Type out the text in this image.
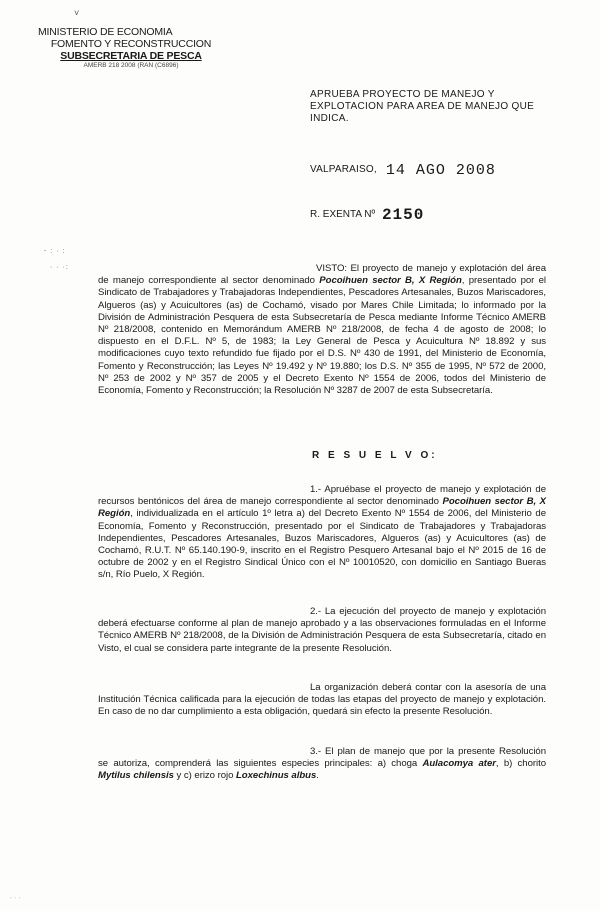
˅
MINISTERIO DE ECONOMIA
FOMENTO Y RECONSTRUCCION
SUBSECRETARIA DE PESCA
AMERB 218 2008 (RAN (C6896)
APRUEBA PROYECTO DE MANEJO Y EXPLOTACION PARA AREA DE MANEJO QUE INDICA.
VALPARAISO, 14 AGO 2008
R. EXENTA Nº 2150
- : · :
· · ·:	VISTO: El proyecto de manejo y explotación del área de manejo correspondiente al sector denominado Pocoihuen sector B, X Región, presentado por el Sindicato de Trabajadores y Trabajadoras Independientes, Pescadores Artesanales, Buzos Mariscadores, Algueros (as) y Acuicultores (as) de Cochamó, visado por Mares Chile Limitada; lo informado por la División de Administración Pesquera de esta Subsecretaría de Pesca mediante Informe Técnico AMERB Nº 218/2008, contenido en Memorándum AMERB Nº 218/2008, de fecha 4 de agosto de 2008; lo dispuesto en el D.F.L. Nº 5, de 1983; la Ley General de Pesca y Acuicultura Nº 18.892 y sus modificaciones cuyo texto refundido fue fijado por el D.S. Nº 430 de 1991, del Ministerio de Economía, Fomento y Reconstrucción; las Leyes Nº 19.492 y Nº 19.880; los D.S. Nº 355 de 1995, Nº 572 de 2000, Nº 253 de 2002 y Nº 357 de 2005 y el Decreto Exento Nº 1554 de 2006, todos del Ministerio de Economía, Fomento y Reconstrucción; la Resolución Nº 3287 de 2007 de esta Subsecretaría.
R E S U E L V O:
1.- Apruébase el proyecto de manejo y explotación de recursos bentónicos del área de manejo correspondiente al sector denominado Pocoihuen sector B, X Región, individualizada en el artículo 1º letra a) del Decreto Exento Nº 1554 de 2006, del Ministerio de Economía, Fomento y Reconstrucción, presentado por el Sindicato de Trabajadores y Trabajadoras Independientes, Pescadores Artesanales, Buzos Mariscadores, Algueros (as) y Acuicultores (as) de Cochamó, R.U.T. Nº 65.140.190-9, inscrito en el Registro Pesquero Artesanal bajo el Nº 2015 de 16 de octubre de 2002 y en el Registro Sindical Único con el Nº 10010520, con domicilio en Santiago Bueras s/n, Río Puelo, X Región.
2.- La ejecución del proyecto de manejo y explotación deberá efectuarse conforme al plan de manejo aprobado y a las observaciones formuladas en el Informe Técnico AMERB Nº 218/2008, de la División de Administración Pesquera de esta Subsecretaría, citado en Visto, el cual se considera parte integrante de la presente Resolución.
La organización deberá contar con la asesoría de una Institución Técnica calificada para la ejecución de todas las etapas del proyecto de manejo y explotación. En caso de no dar cumplimiento a esta obligación, quedará sin efecto la presente Resolución.
3.- El plan de manejo que por la presente Resolución se autoriza, comprenderá las siguientes especies principales: a) choga Aulacomya ater, b) chorito Mytilus chilensis y c) erizo rojo Loxechinus albus.
˙ ˙ ˙
